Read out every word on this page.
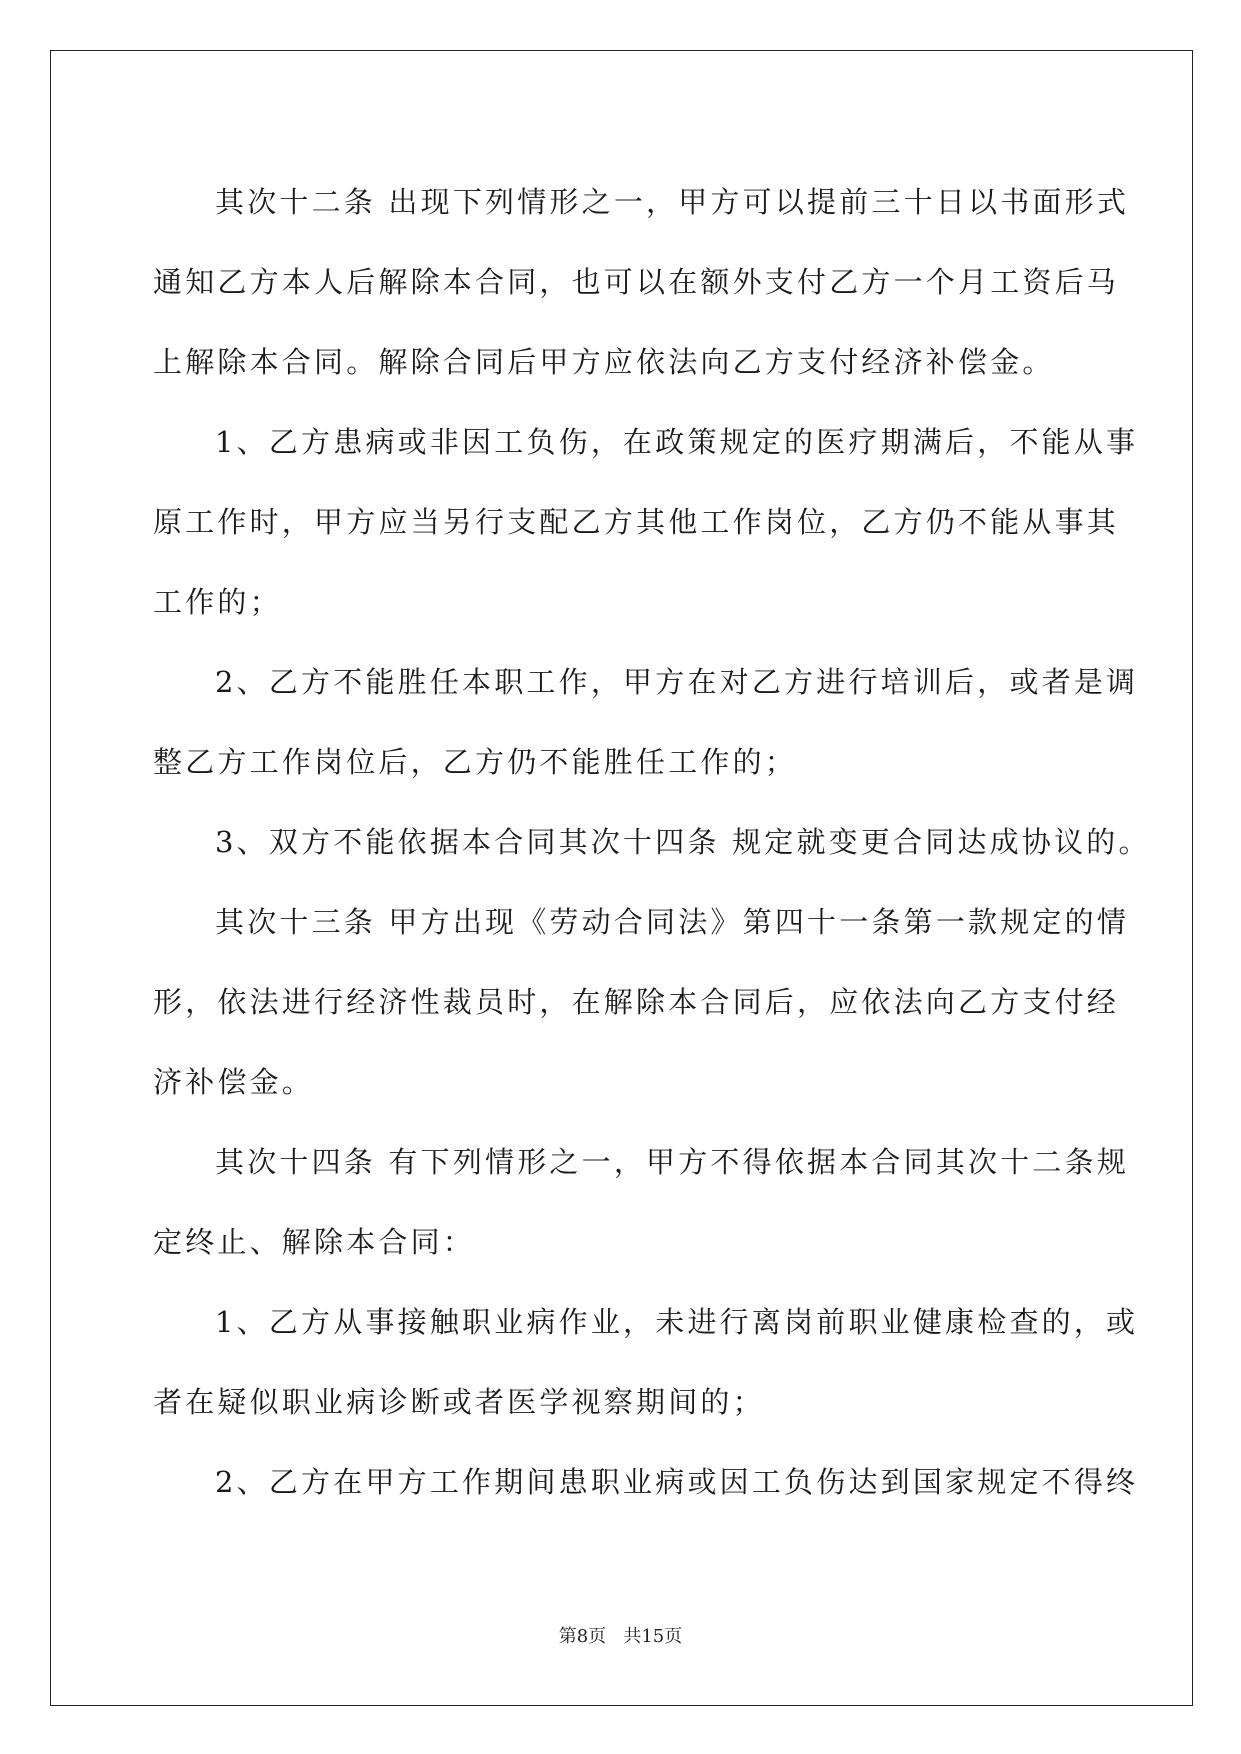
其次十二条 出现下列情形之一，甲方可以提前三十日以书面形式

通知乙方本人后解除本合同，也可以在额外支付乙方一个月工资后马

上解除本合同。解除合同后甲方应依法向乙方支付经济补偿金。

1、乙方患病或非因工负伤，在政策规定的医疗期满后，不能从事

原工作时，甲方应当另行支配乙方其他工作岗位，乙方仍不能从事其

工作的；

2、乙方不能胜任本职工作，甲方在对乙方进行培训后，或者是调

整乙方工作岗位后，乙方仍不能胜任工作的；

3、双方不能依据本合同其次十四条 规定就变更合同达成协议的。

其次十三条 甲方出现《劳动合同法》第四十一条第一款规定的情

形，依法进行经济性裁员时，在解除本合同后，应依法向乙方支付经

济补偿金。

其次十四条 有下列情形之一，甲方不得依据本合同其次十二条规

定终止、解除本合同：

1、乙方从事接触职业病作业，未进行离岗前职业健康检查的，或

者在疑似职业病诊断或者医学视察期间的；

2、乙方在甲方工作期间患职业病或因工负伤达到国家规定不得终

第8页 共15页
